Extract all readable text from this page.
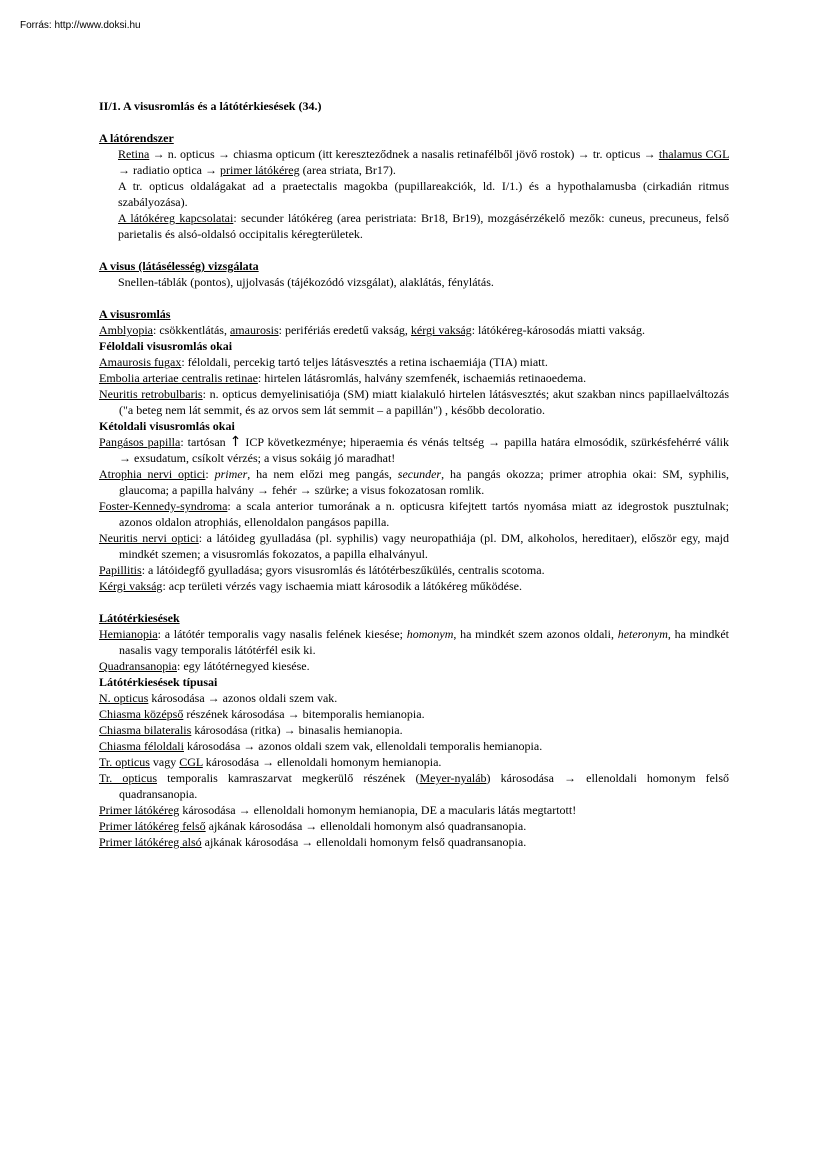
Forrás: http://www.doksi.hu

II/1. A visusromlás és a látótérkiesések (34.)

A látórendszer

Retina → n. opticus → chiasma opticum (itt kereszteződnek a nasalis retinafélből jövő rostok) → tr. opticus → thalamus CGL → radiatio optica → primer látókéreg (area striata, Br17).

A tr. opticus oldalágakat ad a praetectalis magokba (pupillareakciók, ld. I/1.) és a hypothalamusba (cirkadián ritmus szabályozása).

A látókéreg kapcsolatai: secunder látókéreg (area peristriata: Br18, Br19), mozgásérzékelő mezők: cuneus, precuneus, felső parietalis és alsó-oldalsó occipitalis kéregterületek.

A visus (látásélesség) vizsgálata

Snellen-táblák (pontos), ujjolvasás (tájékozódó vizsgálat), alaklátás, fénylátás.

A visusromlás

Amblyopia: csökkentlátás, amaurosis: perifériás eredetű vakság, kérgi vakság: látókéreg-károsodás miatti vakság.

Féloldali visusromlás okai

Amaurosis fugax: féloldali, percekig tartó teljes látásvesztés a retina ischaemiája (TIA) miatt.

Embolia arteriae centralis retinae: hirtelen látásromlás, halvány szemfenék, ischaemiás retinaoedema.

Neuritis retrobulbaris: n. opticus demyelinisatiója (SM) miatt kialakuló hirtelen látásvesztés; akut szakban nincs papillaelváltozás ("a beteg nem lát semmit, és az orvos sem lát semmit – a papillán") , később decoloratio.

Kétoldali visusromlás okai

Pangásos papilla: tartósan ↑ ICP következménye; hiperaemia és vénás teltség → papilla határa elmosódik, szürkésfehérré válik → exsudatum, csíkolt vérzés; a visus sokáig jó maradhat!

Atrophia nervi optici: primer, ha nem előzi meg pangás, secunder, ha pangás okozza; primer atrophia okai: SM, syphilis, glaucoma; a papilla halvány → fehér → szürke; a visus fokozatosan romlik.

Foster-Kennedy-syndroma: a scala anterior tumorának a n. opticusra kifejtett tartós nyomása miatt az idegrostok pusztulnak; azonos oldalon atrophiás, ellenoldalon pangásos papilla.

Neuritis nervi optici: a látóideg gyulladása (pl. syphilis) vagy neuropathiája (pl. DM, alkoholos, hereditaer), először egy, majd mindkét szemen; a visusromlás fokozatos, a papilla elhalványul.

Papillitis: a látóidegfő gyulladása; gyors visusromlás és látótérbeszűkülés, centralis scotoma.

Kérgi vakság: acp területi vérzés vagy ischaemia miatt károsodik a látókéreg működése.

Látótérkiesések

Hemianopia: a látótér temporalis vagy nasalis felének kiesése; homonym, ha mindkét szem azonos oldali, heteronym, ha mindkét nasalis vagy temporalis látótérfél esik ki.

Quadransanopia: egy látótérnegyed kiesése.

Látótérkiesések típusai

N. opticus károsodása → azonos oldali szem vak.

Chiasma középső részének károsodása → bitemporalis hemianopia.

Chiasma bilateralis károsodása (ritka) → binasalis hemianopia.

Chiasma féloldali károsodása → azonos oldali szem vak, ellenoldali temporalis hemianopia.

Tr. opticus vagy CGL károsodása → ellenoldali homonym hemianopia.

Tr. opticus temporalis kamraszarvat megkerülő részének (Meyer-nyaláb) károsodása → ellenoldali homonym felső quadransanopia.

Primer látókéreg károsodása → ellenoldali homonym hemianopia, DE a macularis látás megtartott!

Primer látókéreg felső ajkának károsodása → ellenoldali homonym alsó quadransanopia.

Primer látókéreg alsó ajkának károsodása → ellenoldali homonym felső quadransanopia.
